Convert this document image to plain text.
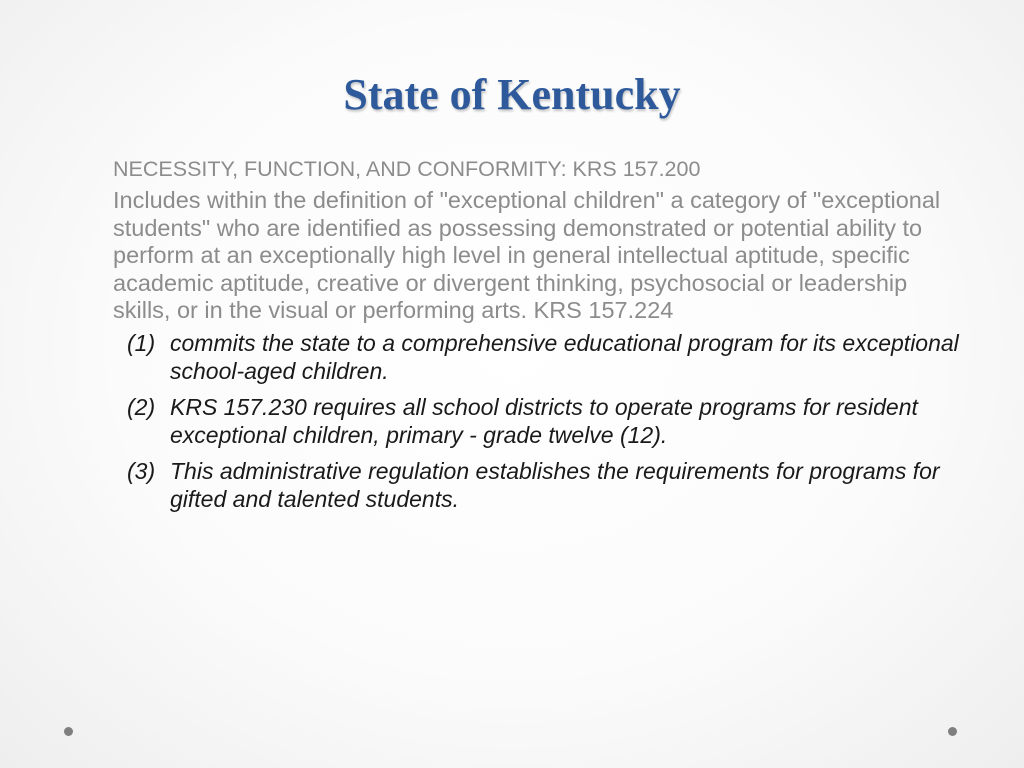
State of Kentucky

NECESSITY, FUNCTION, AND CONFORMITY: KRS 157.200

Includes within the definition of "exceptional children" a category of "exceptional students" who are identified as possessing demonstrated or potential ability to perform at an exceptionally high level in general intellectual aptitude, specific academic aptitude, creative or divergent thinking, psychosocial or leadership skills, or in the visual or performing arts. KRS 157.224

(1) commits the state to a comprehensive educational program for its exceptional school-aged children.
(2) KRS 157.230 requires all school districts to operate programs for resident exceptional children, primary - grade twelve (12).
(3) This administrative regulation establishes the requirements for programs for gifted and talented students.
